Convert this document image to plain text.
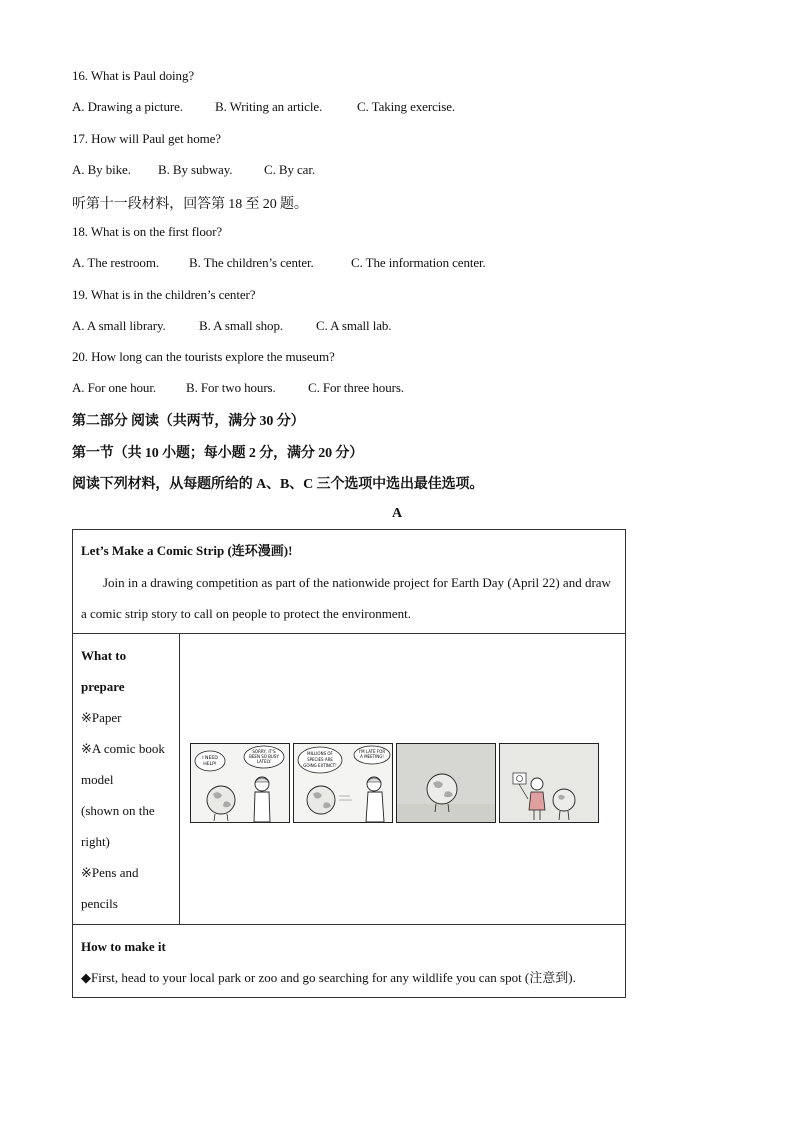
16. What is Paul doing?
A. Drawing a picture. B. Writing an article.	C. Taking exercise.
17. How will Paul get home?
A. By bike. B. By subway. C. By car.
听第十一段材料，回答第 18 至 20 题。
18. What is on the first floor?
A. The restroom. B. The children’s center.	C. The information center.
19. What is in the children’s center?
A. A small library.	B. A small shop.	C. A small lab.
20. How long can the tourists explore the museum?
A. For one hour. B. For two hours. C. For three hours.
第二部分 阅读（共两节，满分 30 分）
第一节（共 10 小题；每小题 2 分，满分 20 分）
阅读下列材料，从每题所给的 A、B、C 三个选项中选出最佳选项。
A
Let’s Make a Comic Strip (连环漫画)!
Join in a drawing competition as part of the nationwide project for Earth Day (April 22) and draw a comic strip story to call on people to protect the environment.

What to
prepare
※Paper
※A comic book
model
(shown on the
right)
※Pens and
pencils

I NEED
HELP!
SORRY, IT'S
BEEN SO BUSY
LATELY.
MILLIONS OF
SPECIES ARE
GOING EXTINCT!
I'M LATE FOR
A MEETING!

How to make it
◆First, head to your local park or zoo and go searching for any wildlife you can spot (注意到).
